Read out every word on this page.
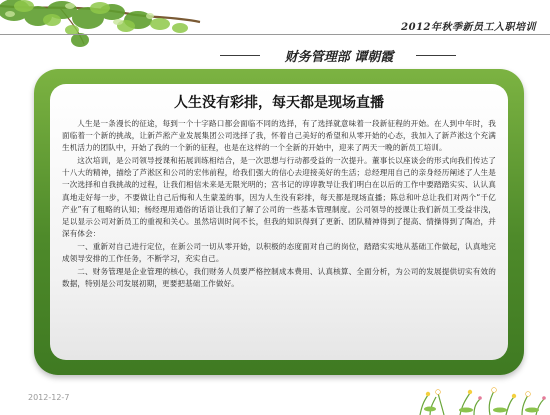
2012年秋季新员工入职培训
财务管理部 谭朝霞
人生没有彩排，每天都是现场直播

人生是一条漫长的征途，每到一个十字路口都会面临不同的选择，有了选择就意味着一段新征程的开始。在人到中年时，我面临着一个新的挑战，让新芦淞产业发展集团公司选择了我，怀着自己美好的希望和从零开始的心态，我加入了新芦淞这个充满生机活力的团队中，开始了我的一个新的征程，也是在这样的一个全新的开始中，迎来了两天一晚的新员工培训。

这次培训，是公司领导授课和拓展训练相结合，是一次思想与行动都受益的一次提升。董事长以座谈会的形式向我们传达了十八大的精神，描绘了芦淞区和公司的宏伟前程，给我们强大的信心去迎接美好的生活；总经理用自己的亲身经历阐述了人生是一次选择和自我挑战的过程，让我们相信未来是无限光明的；宫书记的谆谆教导让我们明白在以后的工作中要踏踏实实、认认真真地走好每一步，不要做让自己后悔和人生蒙羞的事，因为人生没有彩排，每天都是现场直播；陈总和叶总让我们对两个“千亿产业”有了粗略的认知；杨经理用通俗的话语让我们了解了公司的一些基本管理制度。公司领导的授课让我们新员工受益非浅，足以显示公司对新员工的重视和关心。虽然培训时间不长，但我的知识得到了更新、团队精神得到了提高、情操得到了陶冶，并深有体会：

一、重新对自己进行定位，在新公司一切从零开始，以积极的态度面对自己的岗位，踏踏实实地从基础工作做起，认真地完成领导安排的工作任务，不断学习，充实自己。

二、财务管理是企业管理的核心，我们财务人员要严格控制成本费用、认真核算、全面分析，为公司的发展提供切实有效的数据，特别是公司发展初期，更要把基础工作做好。

2012-12-7
